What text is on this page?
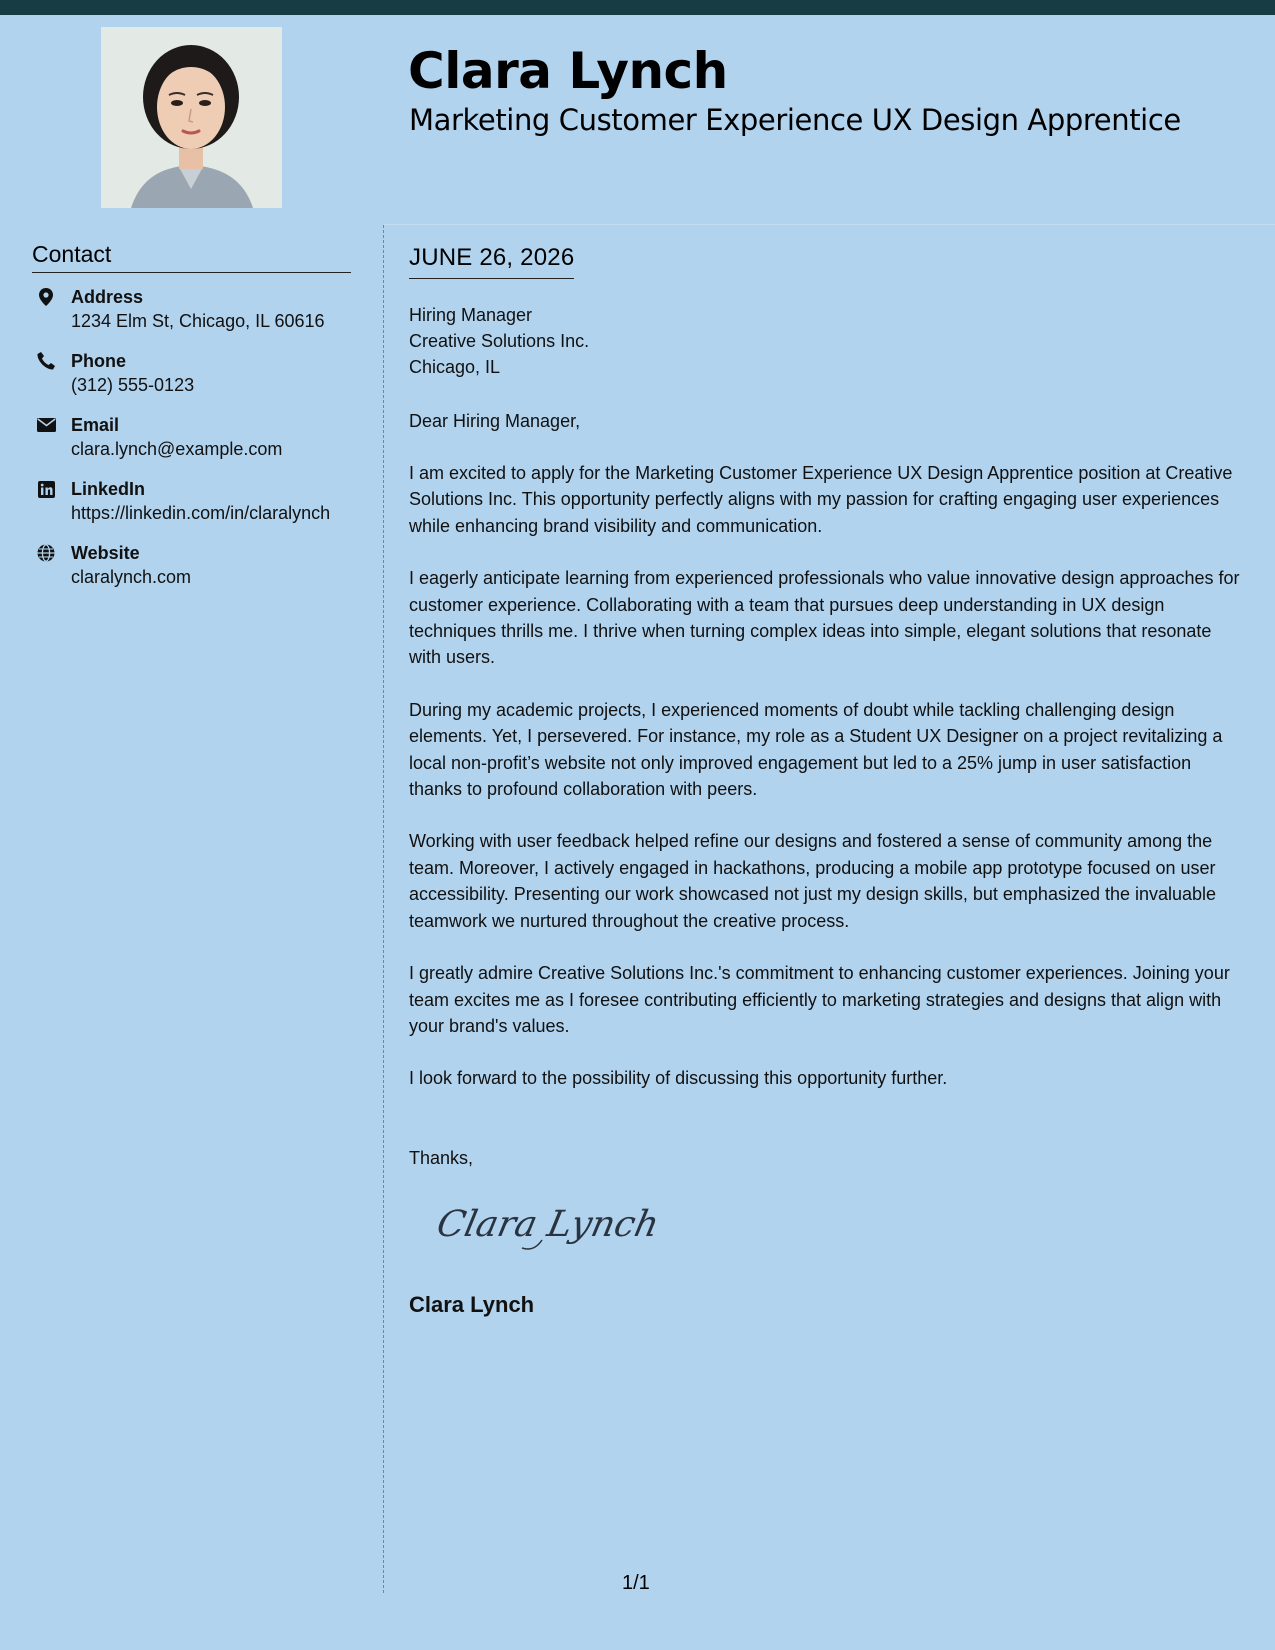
Clara Lynch
Marketing Customer Experience UX Design Apprentice
Contact
Address
1234 Elm St, Chicago, IL 60616
Phone
(312) 555-0123
Email
clara.lynch@example.com
LinkedIn
https://linkedin.com/in/claralynch
Website
claralynch.com
JUNE 26, 2026

Hiring Manager

Creative Solutions Inc.

Chicago, IL

Dear Hiring Manager,

I am excited to apply for the Marketing Customer Experience UX Design Apprentice position at Creative Solutions Inc. This opportunity perfectly aligns with my passion for crafting engaging user experiences while enhancing brand visibility and communication.

I eagerly anticipate learning from experienced professionals who value innovative design approaches for customer experience. Collaborating with a team that pursues deep understanding in UX design techniques thrills me. I thrive when turning complex ideas into simple, elegant solutions that resonate with users.

During my academic projects, I experienced moments of doubt while tackling challenging design elements. Yet, I persevered. For instance, my role as a Student UX Designer on a project revitalizing a local non-profit’s website not only improved engagement but led to a 25% jump in user satisfaction thanks to profound collaboration with peers.

Working with user feedback helped refine our designs and fostered a sense of community among the team. Moreover, I actively engaged in hackathons, producing a mobile app prototype focused on user accessibility. Presenting our work showcased not just my design skills, but emphasized the invaluable teamwork we nurtured throughout the creative process.

I greatly admire Creative Solutions Inc.'s commitment to enhancing customer experiences. Joining your team excites me as I foresee contributing efficiently to marketing strategies and designs that align with your brand's values.

I look forward to the possibility of discussing this opportunity further.

Thanks,
Clara Lynch
Clara Lynch
1/1
